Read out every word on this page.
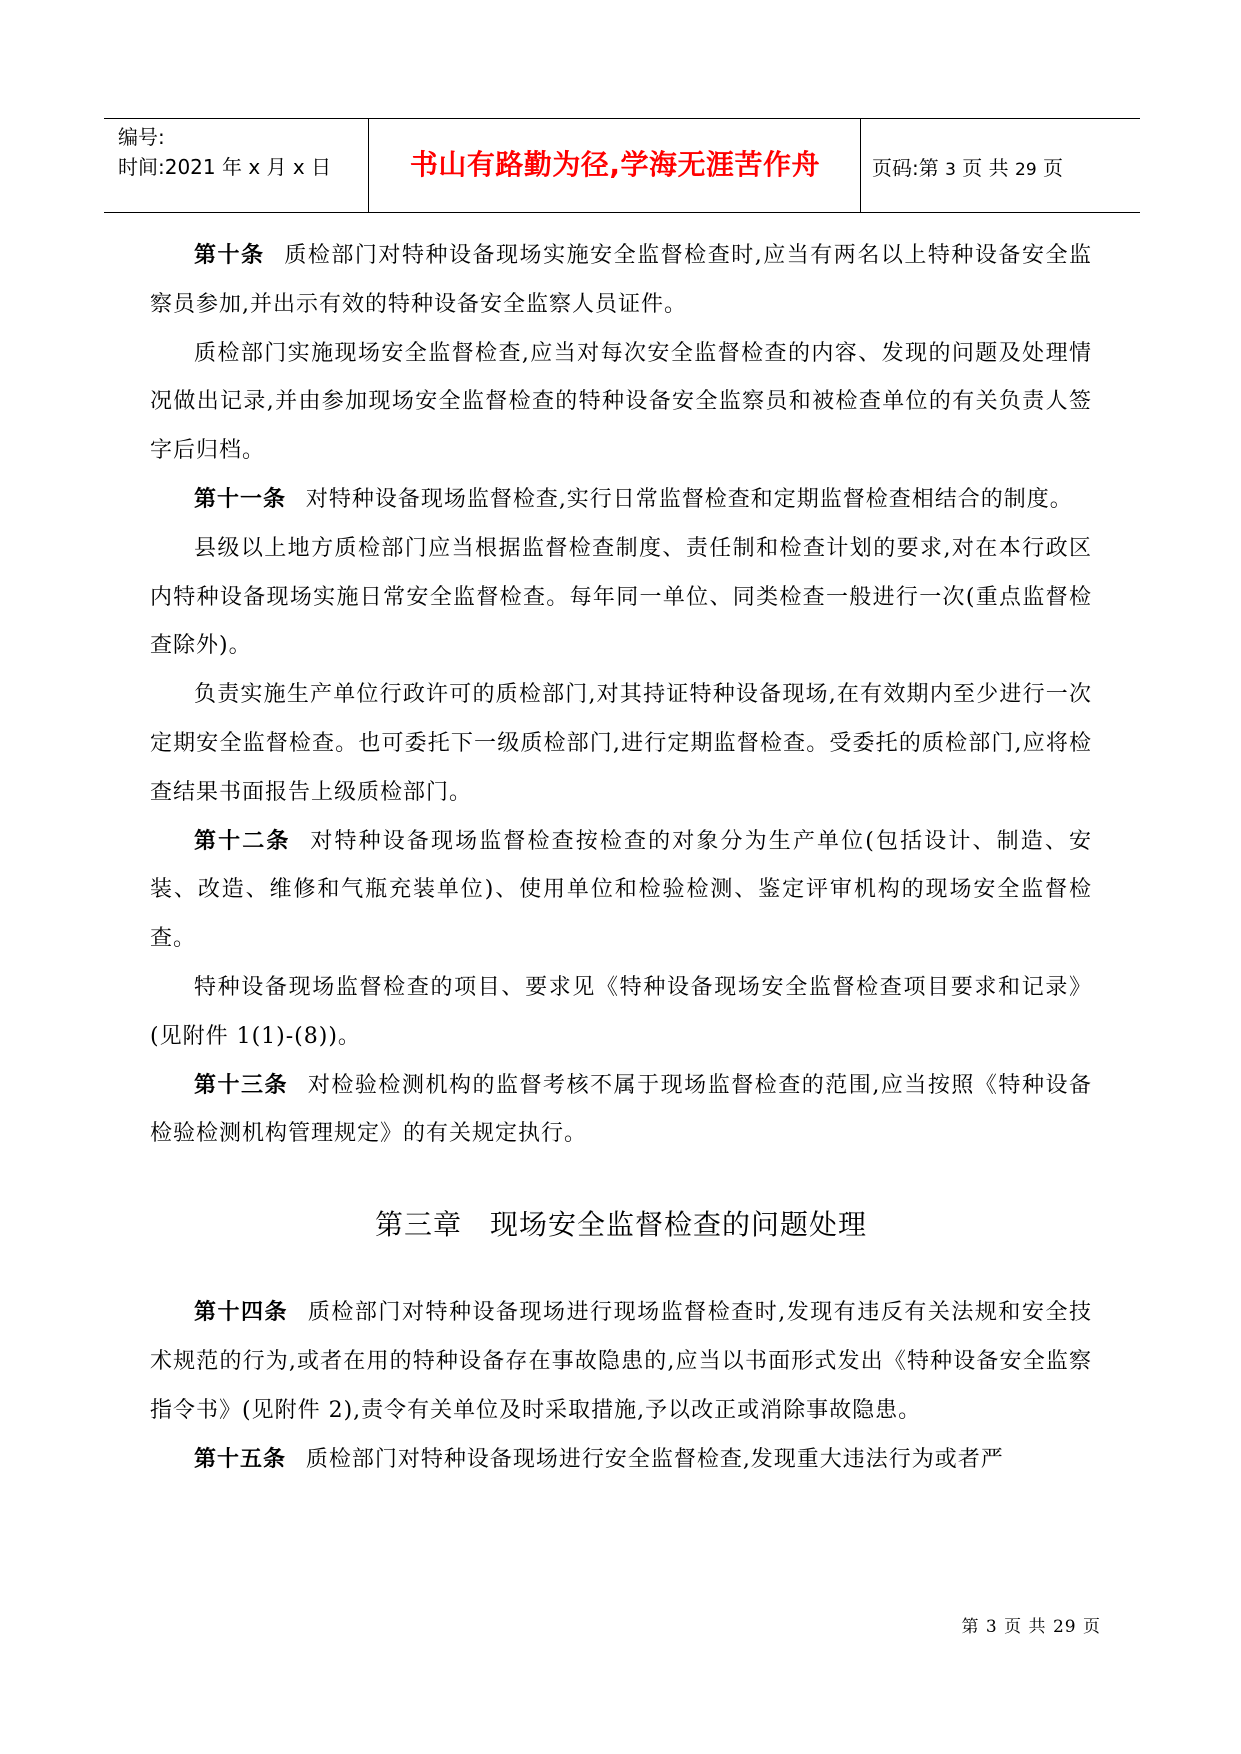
编号:
时间:2021 年 x 月 x 日	书山有路勤为径,学海无涯苦作舟	页码:第 3 页 共 29 页

第十条 质检部门对特种设备现场实施安全监督检查时,应当有两名以上特种设备安全监察员参加,并出示有效的特种设备安全监察人员证件。

质检部门实施现场安全监督检查,应当对每次安全监督检查的内容、发现的问题及处理情况做出记录,并由参加现场安全监督检查的特种设备安全监察员和被检查单位的有关负责人签字后归档。

第十一条 对特种设备现场监督检查,实行日常监督检查和定期监督检查相结合的制度。

县级以上地方质检部门应当根据监督检查制度、责任制和检查计划的要求,对在本行政区内特种设备现场实施日常安全监督检查。每年同一单位、同类检查一般进行一次(重点监督检查除外)。

负责实施生产单位行政许可的质检部门,对其持证特种设备现场,在有效期内至少进行一次定期安全监督检查。也可委托下一级质检部门,进行定期监督检查。受委托的质检部门,应将检查结果书面报告上级质检部门。

第十二条 对特种设备现场监督检查按检查的对象分为生产单位(包括设计、制造、安装、改造、维修和气瓶充装单位)、使用单位和检验检测、鉴定评审机构的现场安全监督检查。

特种设备现场监督检查的项目、要求见《特种设备现场安全监督检查项目要求和记录》(见附件 1(1)-(8))。

第十三条 对检验检测机构的监督考核不属于现场监督检查的范围,应当按照《特种设备检验检测机构管理规定》的有关规定执行。

第三章 现场安全监督检查的问题处理

第十四条 质检部门对特种设备现场进行现场监督检查时,发现有违反有关法规和安全技术规范的行为,或者在用的特种设备存在事故隐患的,应当以书面形式发出《特种设备安全监察指令书》(见附件 2),责令有关单位及时采取措施,予以改正或消除事故隐患。

第十五条 质检部门对特种设备现场进行安全监督检查,发现重大违法行为或者严

第 3 页 共 29 页
